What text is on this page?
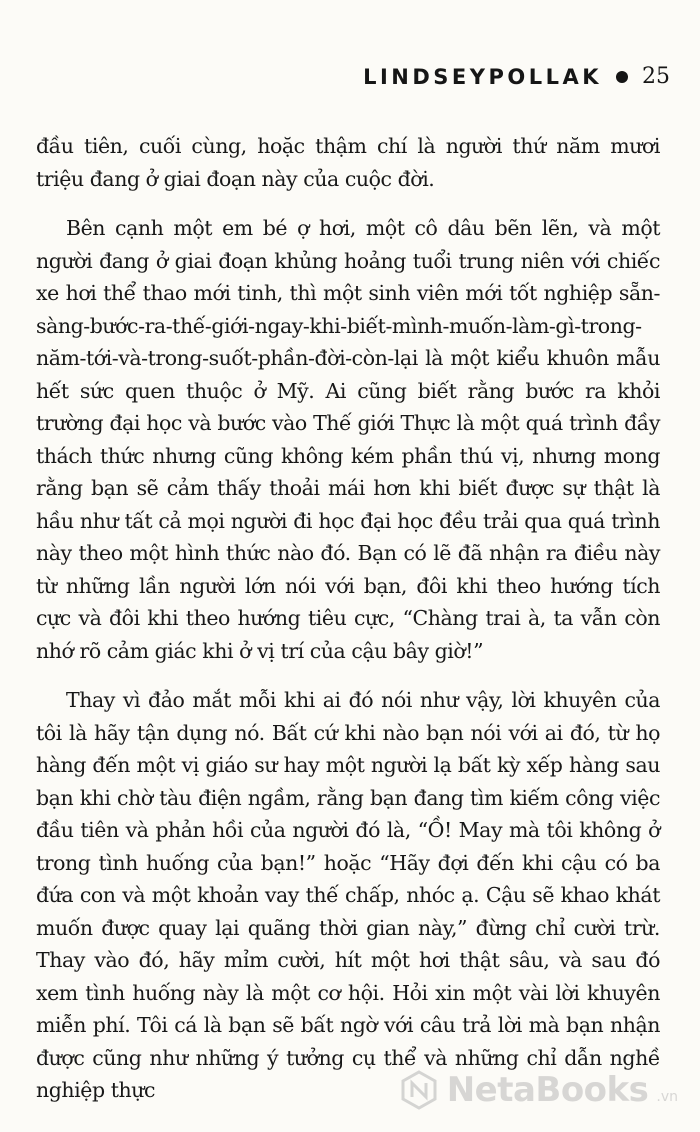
LINDSEYPOLLAK 25

đầu tiên, cuối cùng, hoặc thậm chí là người thứ năm mươi triệu đang ở giai đoạn này của cuộc đời.

Bên cạnh một em bé ợ hơi, một cô dâu bẽn lẽn, và một người đang ở giai đoạn khủng hoảng tuổi trung niên với chiếc xe hơi thể thao mới tinh, thì một sinh viên mới tốt nghiệp sẵn-sàng-bước-ra-thế-giới-ngay-khi-biết-mình-muốn-làm-gì-trong-năm-tới-và-trong-suốt-phần-đời-còn-lại là một kiểu khuôn mẫu hết sức quen thuộc ở Mỹ. Ai cũng biết rằng bước ra khỏi trường đại học và bước vào Thế giới Thực là một quá trình đầy thách thức nhưng cũng không kém phần thú vị, nhưng mong rằng bạn sẽ cảm thấy thoải mái hơn khi biết được sự thật là hầu như tất cả mọi người đi học đại học đều trải qua quá trình này theo một hình thức nào đó. Bạn có lẽ đã nhận ra điều này từ những lần người lớn nói với bạn, đôi khi theo hướng tích cực và đôi khi theo hướng tiêu cực, “Chàng trai à, ta vẫn còn nhớ rõ cảm giác khi ở vị trí của cậu bây giờ!”

Thay vì đảo mắt mỗi khi ai đó nói như vậy, lời khuyên của tôi là hãy tận dụng nó. Bất cứ khi nào bạn nói với ai đó, từ họ hàng đến một vị giáo sư hay một người lạ bất kỳ xếp hàng sau bạn khi chờ tàu điện ngầm, rằng bạn đang tìm kiếm công việc đầu tiên và phản hồi của người đó là, “Ồ! May mà tôi không ở trong tình huống của bạn!” hoặc “Hãy đợi đến khi cậu có ba đứa con và một khoản vay thế chấp, nhóc ạ. Cậu sẽ khao khát muốn được quay lại quãng thời gian này,” đừng chỉ cười trừ. Thay vào đó, hãy mỉm cười, hít một hơi thật sâu, và sau đó xem tình huống này là một cơ hội. Hỏi xin một vài lời khuyên miễn phí. Tôi cá là bạn sẽ bất ngờ với câu trả lời mà bạn nhận được cũng như những ý tưởng cụ thể và những chỉ dẫn nghề nghiệp thực	NetaBooks .vn
